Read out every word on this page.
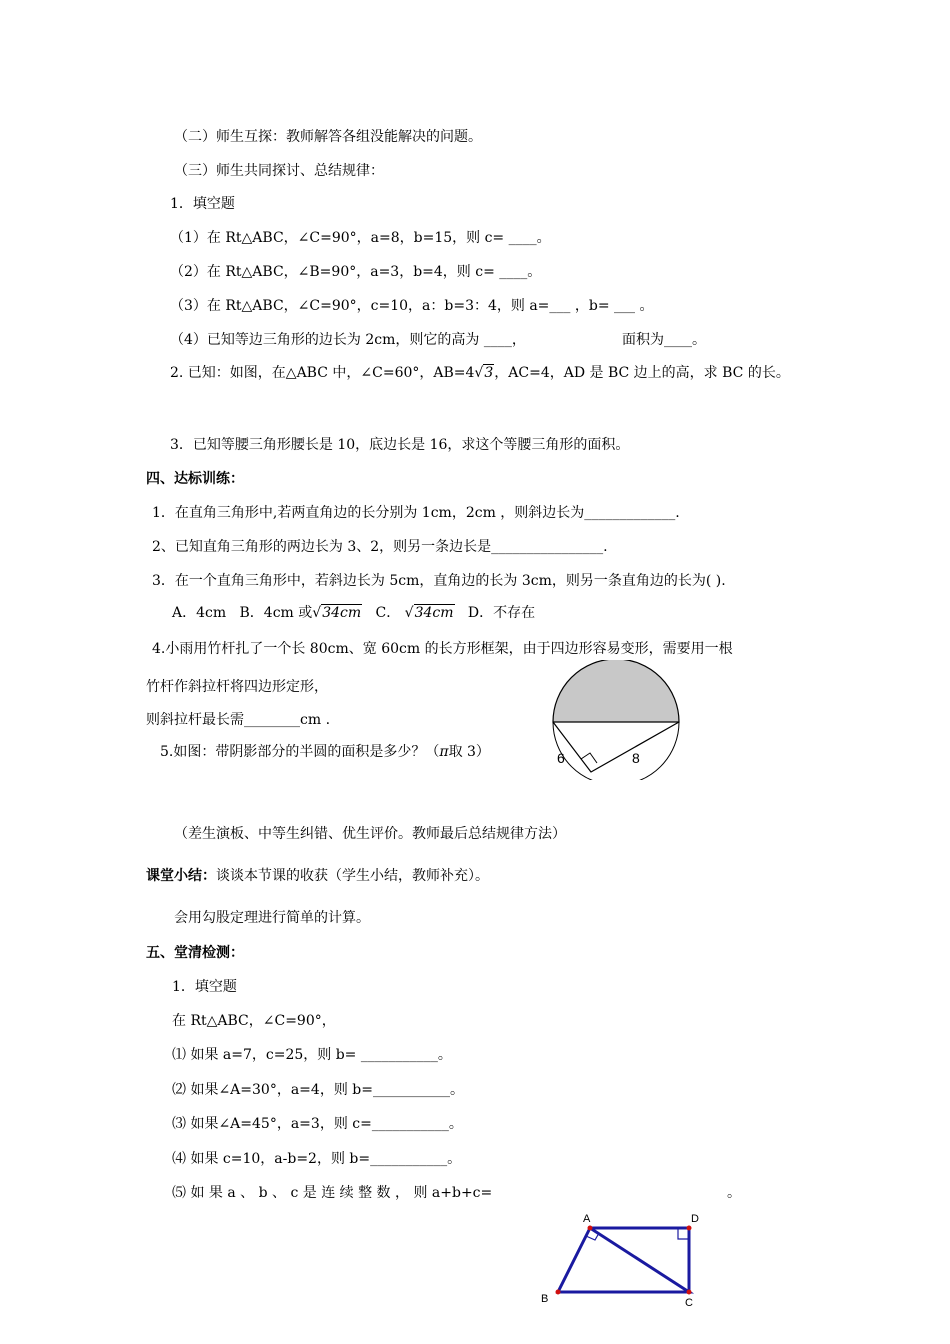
（二）师生互探：教师解答各组没能解决的问题。
（三）师生共同探讨、总结规律：
1．填空题
（1）在 Rt△ABC，∠C=90°，a=8，b=15，则 c= ____。
（2）在 Rt△ABC，∠B=90°，a=3，b=4，则 c= ____。
（3）在 Rt△ABC，∠C=90°，c=10，a：b=3：4，则 a=___ ，b= ___ 。
（4）已知等边三角形的边长为 2cm，则它的高为 ____，	面积为____。
2. 已知：如图，在△ABC 中，∠C=60°，AB=4√3，AC=4，AD 是 BC 边上的高，求 BC 的长。
3．已知等腰三角形腰长是 10，底边长是 16，求这个等腰三角形的面积。
四、达标训练：
1．在直角三角形中,若两直角边的长分别为 1cm，2cm ，则斜边长为_____________.
2、已知直角三角形的两边长为 3、2，则另一条边长是________________.
3．在一个直角三角形中，若斜边长为 5cm，直角边的长为 3cm，则另一条直角边的长为( ).
A．4cm B．4cm 或√34cm C． √34cm D．不存在
4.小雨用竹杆扎了一个长 80cm、宽 60cm 的长方形框架，由于四边形容易变形，需要用一根
竹杆作斜拉杆将四边形定形，
则斜拉杆最长需________cm .
5.如图：带阴影部分的半圆的面积是多少？（π取 3）	6	8
（差生演板、中等生纠错、优生评价。教师最后总结规律方法）
课堂小结：谈谈本节课的收获（学生小结，教师补充）。
会用勾股定理进行简单的计算。
五、堂清检测：
1．填空题
在 Rt△ABC，∠C=90°，
⑴ 如果 a=7，c=25，则 b= ___________。
⑵ 如果∠A=30°，a=4，则 b=___________。
⑶ 如果∠A=45°，a=3，则 c=___________。
⑷ 如果 c=10，a-b=2，则 b=___________。
⑸ 如 果 a 、 b 、 c 是 连 续 整 数 ， 则 a+b+c=	。
A
B	C
D
